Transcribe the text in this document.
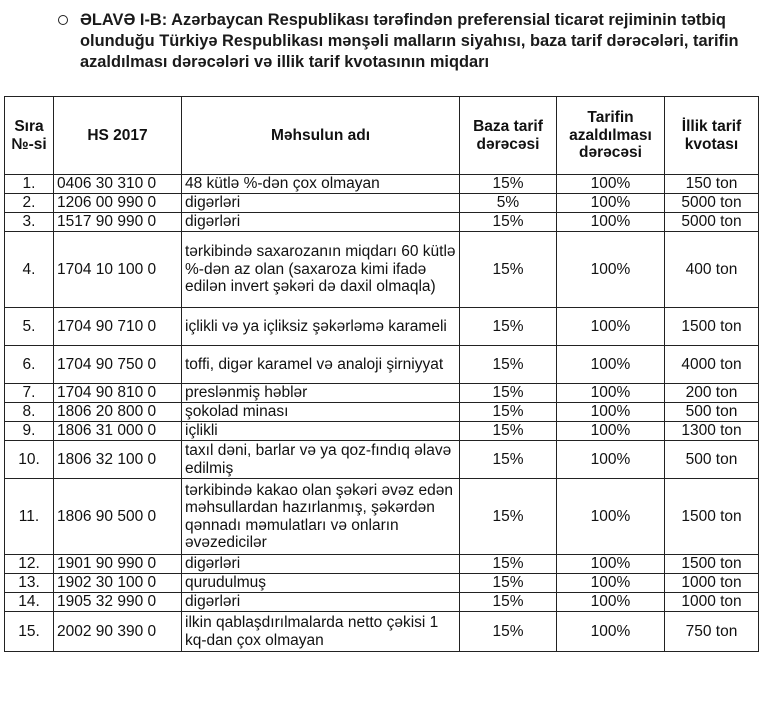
ƏLAVƏ I-B: Azərbaycan Respublikası tərəfindən preferensial ticarət rejiminin tətbiq olunduğu Türkiyə Respublikası mənşəli malların siyahısı, baza tarif dərəcələri, tarifin azaldılması dərəcələri və illik tarif kvotasının miqdarı
Sıra №-si	HS 2017	Məhsulun adı	Baza tarif dərəcəsi	Tarifin azaldılması dərəcəsi	İllik tarif kvotası
1.	0406 30 310 0	48 kütlə %-dən çox olmayan	15%	100%	150 ton
2.	1206 00 990 0	digərləri	5%	100%	5000 ton
3.	1517 90 990 0	digərləri	15%	100%	5000 ton
4.	1704 10 100 0	tərkibində saxarozanın miqdarı 60 kütlə %-dən az olan (saxaroza kimi ifadə edilən invert şəkəri də daxil olmaqla)	15%	100%	400 ton
5.	1704 90 710 0	içlikli və ya içliksiz şəkərləmə karameli	15%	100%	1500 ton
6.	1704 90 750 0	toffi, digər karamel və analoji şirniyyat	15%	100%	4000 ton
7.	1704 90 810 0	preslənmiş həblər	15%	100%	200 ton
8.	1806 20 800 0	şokolad minası	15%	100%	500 ton
9.	1806 31 000 0	içlikli	15%	100%	1300 ton
10.	1806 32 100 0	taxıl dəni, barlar və ya qoz-fındıq əlavə edilmiş	15%	100%	500 ton
11.	1806 90 500 0	tərkibində kakao olan şəkəri əvəz edən məhsullardan hazırlanmış, şəkərdən qənnadı məmulatları və onların əvəzedicilər	15%	100%	1500 ton
12.	1901 90 990 0	digərləri	15%	100%	1500 ton
13.	1902 30 100 0	qurudulmuş	15%	100%	1000 ton
14.	1905 32 990 0	digərləri	15%	100%	1000 ton
15.	2002 90 390 0	ilkin qablaşdırılmalarda netto çəkisi 1 kq-dan çox olmayan	15%	100%	750 ton
